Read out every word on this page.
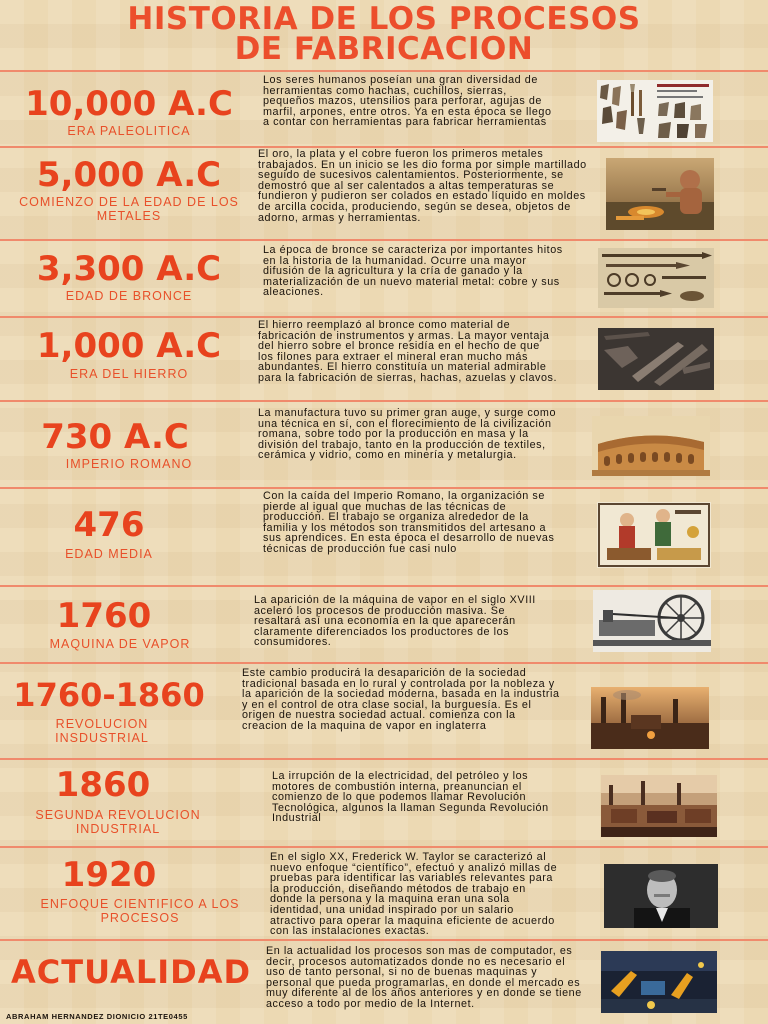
HISTORIA DE LOS PROCESOS
DE FABRICACION
10,000 A.C
ERA PALEOLITICA
Los seres humanos poseían una gran diversidad de herramientas como hachas, cuchillos, sierras, pequeños mazos, utensilios para perforar, agujas de marfil, arpones, entre otros. Ya en esta época se llego a contar con herramientas para fabricar herramientas
5,000 A.C
COMIENZO DE LA EDAD DE LOS METALES
El oro, la plata y el cobre fueron los primeros metales trabajados. En un inicio se les dio forma por simple martillado seguido de sucesivos calentamientos. Posteriormente, se demostró que al ser calentados a altas temperaturas se fundieron y pudieron ser colados en estado líquido en moldes de arcilla cocida, produciendo, según se desea, objetos de adorno, armas y herramientas.
3,300 A.C
EDAD DE BRONCE
La época de bronce se caracteriza por importantes hitos en la historia de la humanidad. Ocurre una mayor difusión de la agricultura y la cría de ganado y la materialización de un nuevo material metal: cobre y sus aleaciones.
1,000 A.C
ERA DEL HIERRO
El hierro reemplazó al bronce como material de fabricación de instrumentos y armas. La mayor ventaja del hierro sobre el bronce residía en el hecho de que los filones para extraer el mineral eran mucho más abundantes. El hierro constituía un material admirable para la fabricación de sierras, hachas, azuelas y clavos.
730 A.C
IMPERIO ROMANO
La manufactura tuvo su primer gran auge, y surge como una técnica en sí, con el florecimiento de la civilización romana, sobre todo por la producción en masa y la división del trabajo, tanto en la producción de textiles, cerámica y vidrio, como en minería y metalurgia.
476
EDAD MEDIA
Con la caída del Imperio Romano, la organización se pierde al igual que muchas de las técnicas de producción. El trabajo se organiza alrededor de la familia y los métodos son transmitidos del artesano a sus aprendices. En esta época el desarrollo de nuevas técnicas de producción fue casi nulo
1760
MAQUINA DE VAPOR
La aparición de la máquina de vapor en el siglo XVIII aceleró los procesos de producción masiva. Se resaltará así una economía en la que aparecerán claramente diferenciados los productores de los consumidores.
1760-1860
REVOLUCION INSDUSTRIAL
Este cambio producirá la desaparición de la sociedad tradicional basada en lo rural y controlada por la nobleza y la aparición de la sociedad moderna, basada en la industria y en el control de otra clase social, la burguesía. Es el origen de nuestra sociedad actual. comienza con la creacion de la maquina de vapor en inglaterra
1860
SEGUNDA REVOLUCION INDUSTRIAL
La irrupción de la electricidad, del petróleo y los motores de combustión interna, preanuncian el comienzo de lo que podemos llamar Revolución Tecnológica, algunos la llaman Segunda Revolución Industrial
1920
ENFOQUE CIENTIFICO A LOS PROCESOS
En el siglo XX, Frederick W. Taylor se caracterizó al nuevo enfoque “científico”, efectuó y analizó millas de pruebas para identificar las variables relevantes para la producción, diseñando métodos de trabajo en donde la persona y la maquina eran una sola identidad, una unidad inspirado por un salario atractivo para operar la maquina eficiente de acuerdo con las instalaciones exactas.
ACTUALIDAD
En la actualidad los procesos son mas de computador, es decir, procesos automatizados donde no es necesario el uso de tanto personal, si no de buenas maquinas y personal que pueda programarlas, en donde el mercado es muy diferente al de los años anteriores y en donde se tiene acceso a todo por medio de la Internet.
ABRAHAM HERNANDEZ DIONICIO 21TE0455
